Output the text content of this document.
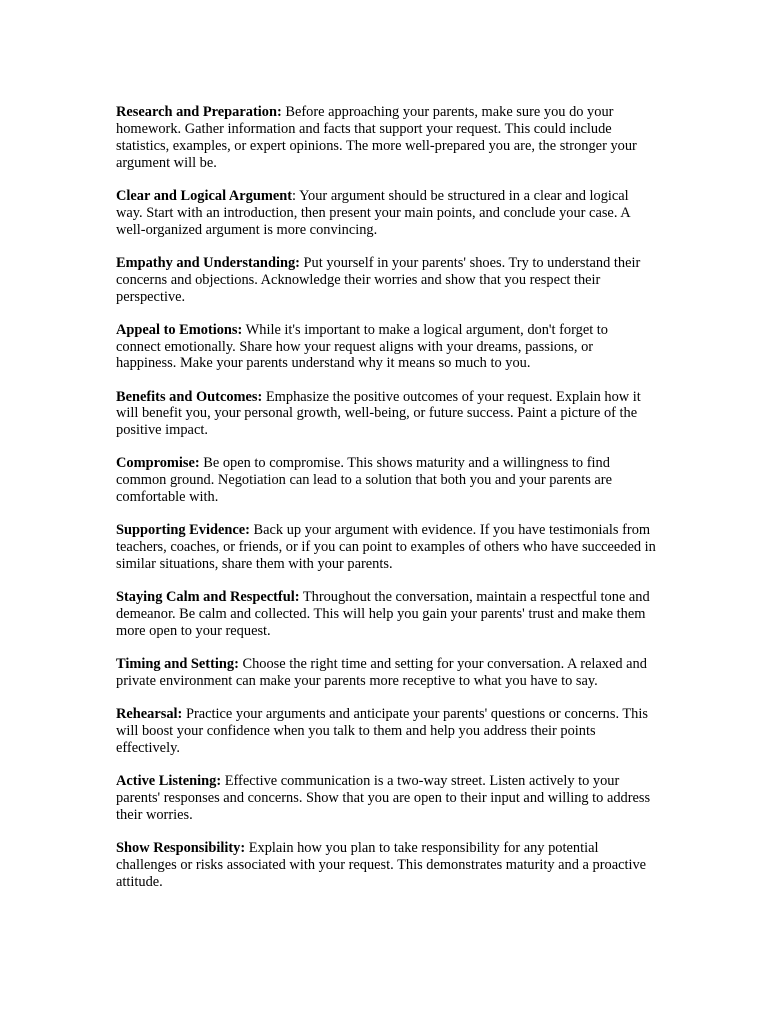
Research and Preparation: Before approaching your parents, make sure you do your homework. Gather information and facts that support your request. This could include statistics, examples, or expert opinions. The more well-prepared you are, the stronger your argument will be.

Clear and Logical Argument: Your argument should be structured in a clear and logical way. Start with an introduction, then present your main points, and conclude your case. A well-organized argument is more convincing.

Empathy and Understanding: Put yourself in your parents' shoes. Try to understand their concerns and objections. Acknowledge their worries and show that you respect their perspective.

Appeal to Emotions: While it's important to make a logical argument, don't forget to connect emotionally. Share how your request aligns with your dreams, passions, or happiness. Make your parents understand why it means so much to you.

Benefits and Outcomes: Emphasize the positive outcomes of your request. Explain how it will benefit you, your personal growth, well-being, or future success. Paint a picture of the positive impact.

Compromise: Be open to compromise. This shows maturity and a willingness to find common ground. Negotiation can lead to a solution that both you and your parents are comfortable with.

Supporting Evidence: Back up your argument with evidence. If you have testimonials from teachers, coaches, or friends, or if you can point to examples of others who have succeeded in similar situations, share them with your parents.

Staying Calm and Respectful: Throughout the conversation, maintain a respectful tone and demeanor. Be calm and collected. This will help you gain your parents' trust and make them more open to your request.

Timing and Setting: Choose the right time and setting for your conversation. A relaxed and private environment can make your parents more receptive to what you have to say.

Rehearsal: Practice your arguments and anticipate your parents' questions or concerns. This will boost your confidence when you talk to them and help you address their points effectively.

Active Listening: Effective communication is a two-way street. Listen actively to your parents' responses and concerns. Show that you are open to their input and willing to address their worries.

Show Responsibility: Explain how you plan to take responsibility for any potential challenges or risks associated with your request. This demonstrates maturity and a proactive attitude.
